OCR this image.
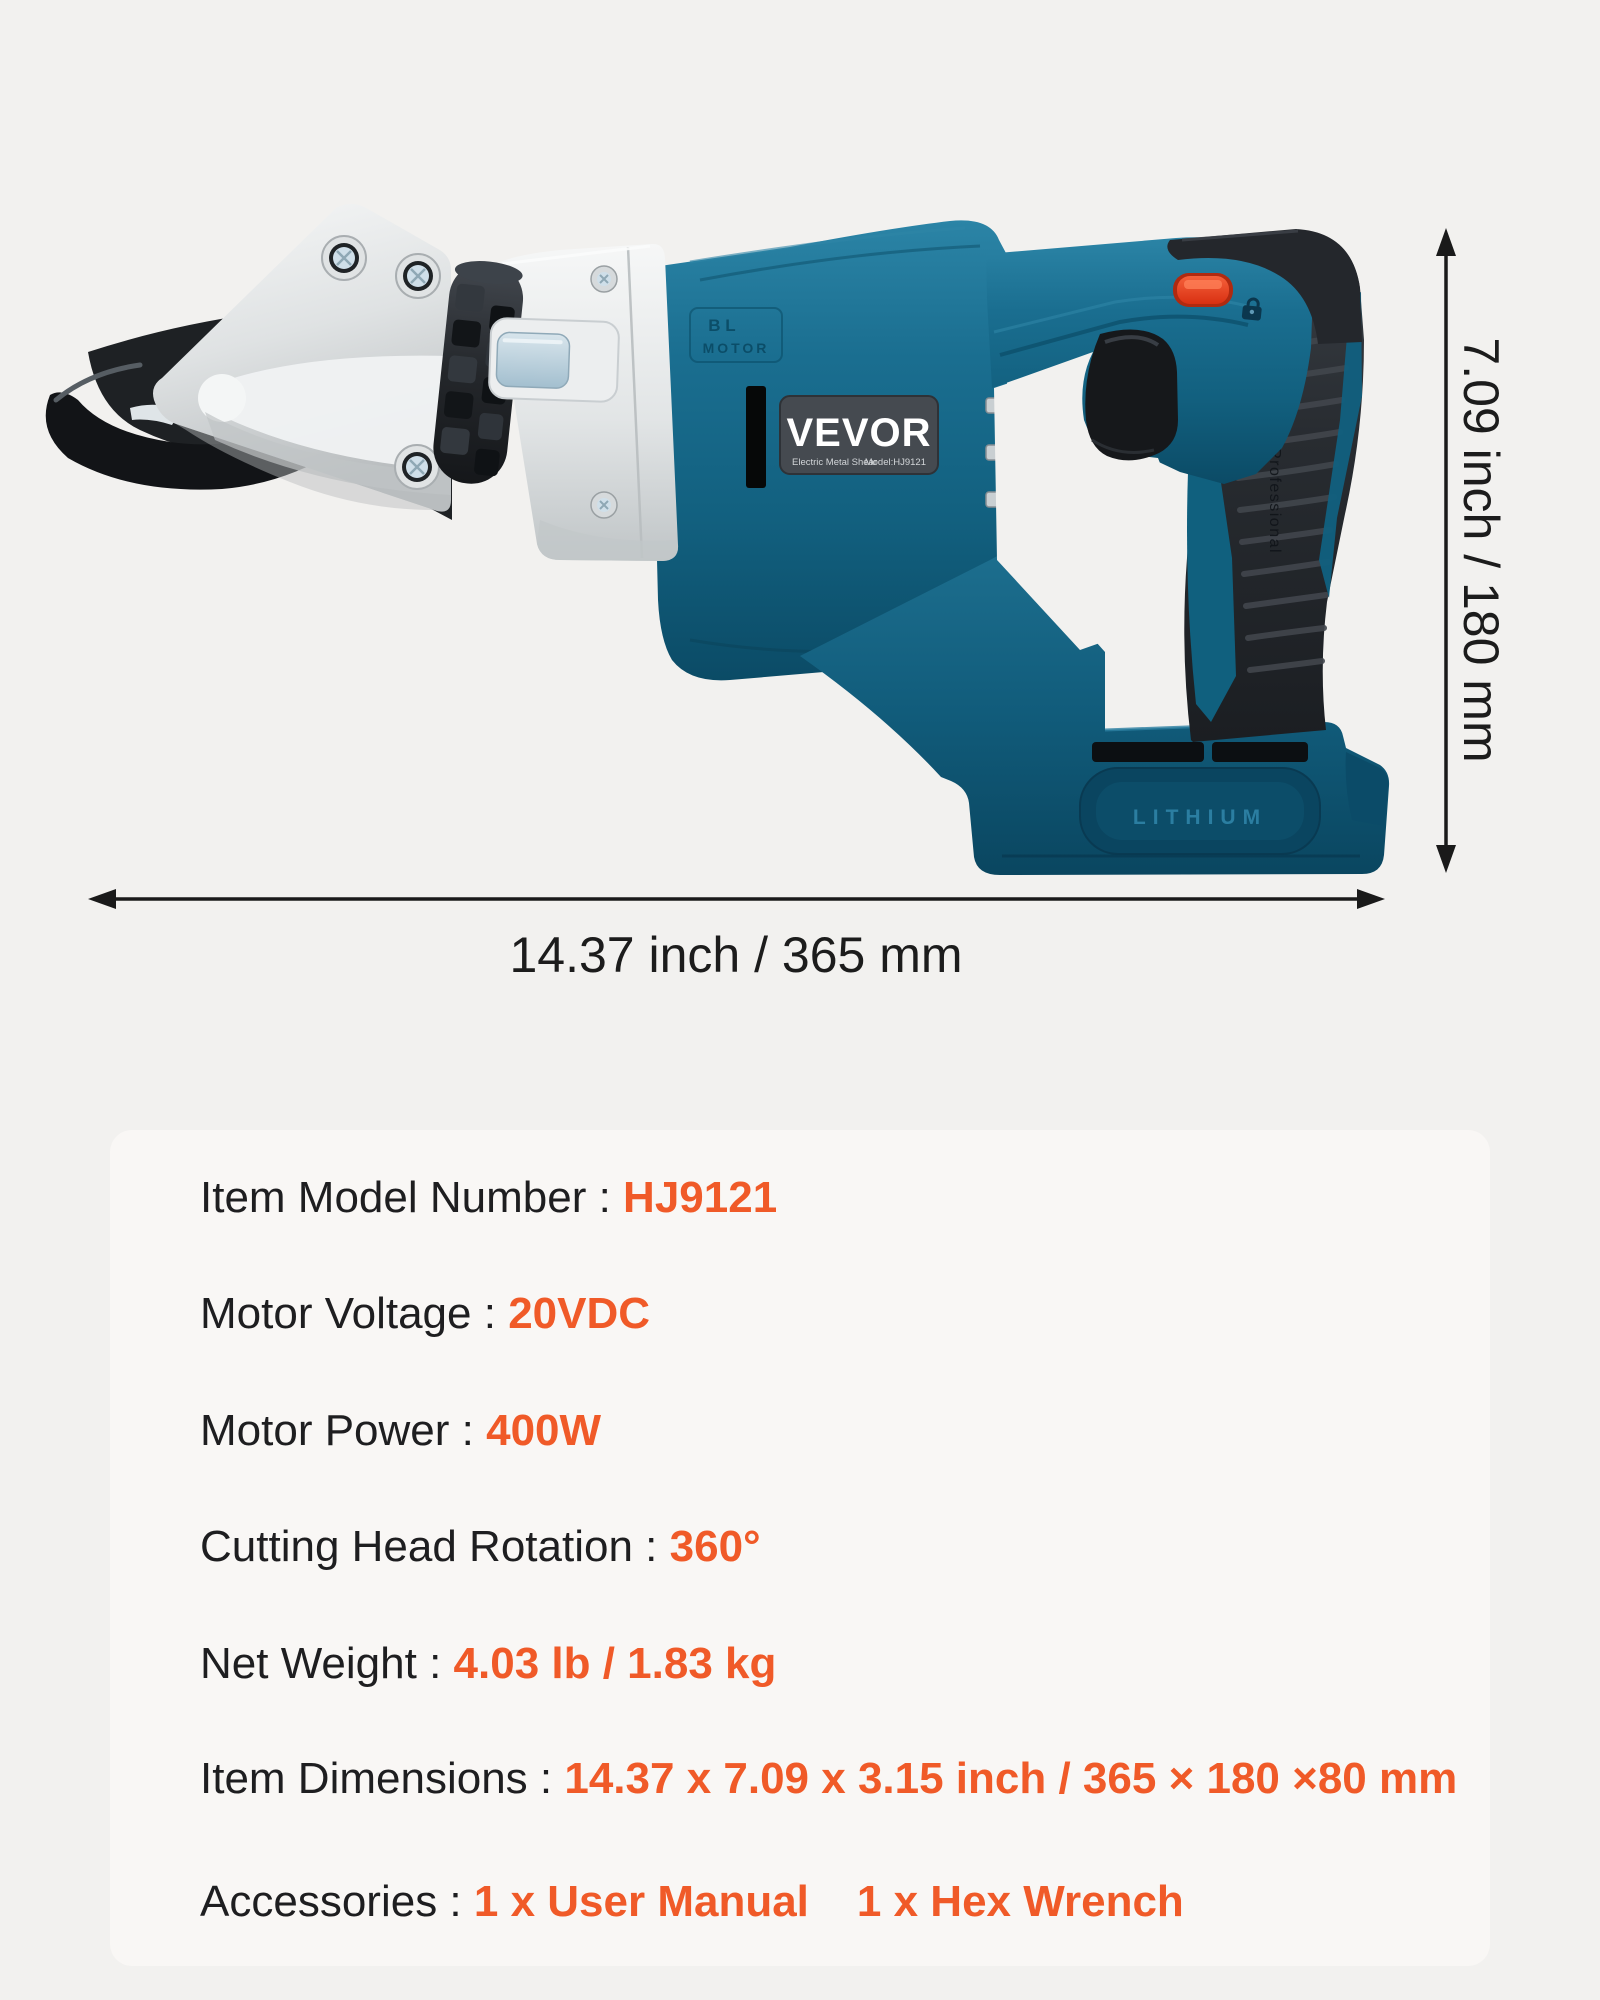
B L
MOTOR
VEVOR
Electric Metal Shear
Model:HJ9121
LITHIUM
Professional
14.37 inch / 365 mm
7.09 inch / 180 mm
Item Model Number : HJ9121
Motor Voltage : 20VDC
Motor Power : 400W
Cutting Head Rotation : 360°
Net Weight : 4.03 lb / 1.83 kg
Item Dimensions : 14.37 x 7.09 x 3.15 inch / 365 × 180 ×80 mm
Accessories : 1 x User Manual 1 x Hex Wrench
